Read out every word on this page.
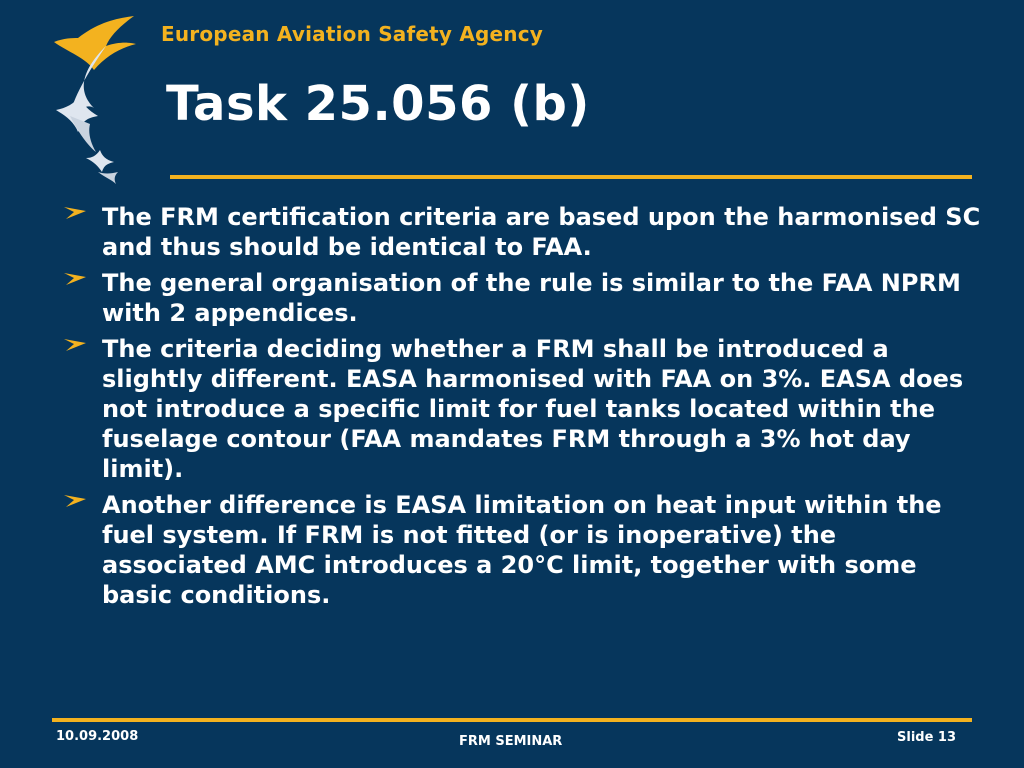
European Aviation Safety Agency
Task 25.056 (b)
The FRM certification criteria are based upon the harmonised SC and thus should be identical to FAA.
The general organisation of the rule is similar to the FAA NPRM with 2 appendices.
The criteria deciding whether a FRM shall be introduced a slightly different. EASA harmonised with FAA on 3%. EASA does not introduce a specific limit for fuel tanks located within the fuselage contour (FAA mandates FRM through a 3% hot day limit).
Another difference is EASA limitation on heat input within the fuel system. If FRM is not fitted (or is inoperative) the associated AMC introduces a 20°C limit, together with some basic conditions.
10.09.2008	FRM SEMINAR	Slide 13
